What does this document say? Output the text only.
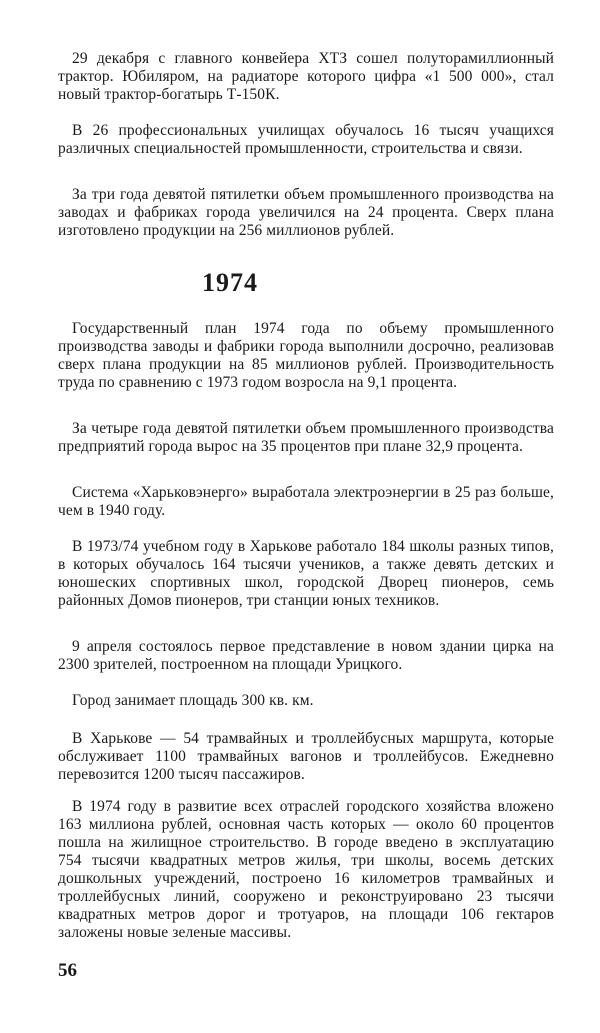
29 декабря с главного конвейера ХТЗ сошел полуторамиллионный трактор. Юбиляром, на радиаторе которого цифра «1 500 000», стал новый трактор-богатырь Т-150К.

В 26 профессиональных училищах обучалось 16 тысяч учащихся различных специальностей промышленности, строительства и связи.

За три года девятой пятилетки объем промышленного производства на заводах и фабриках города увеличился на 24 процента. Сверх плана изготовлено продукции на 256 миллионов рублей.

1974

Государственный план 1974 года по объему промышленного производства заводы и фабрики города выполнили досрочно, реализовав сверх плана продукции на 85 миллионов рублей. Производительность труда по сравнению с 1973 годом возросла на 9,1 процента.

За четыре года девятой пятилетки объем промышленного производства предприятий города вырос на 35 процентов при плане 32,9 процента.

Система «Харьковэнерго» выработала электроэнергии в 25 раз больше, чем в 1940 году.

В 1973/74 учебном году в Харькове работало 184 школы разных типов, в которых обучалось 164 тысячи учеников, а также девять детских и юношеских спортивных школ, городской Дворец пионеров, семь районных Домов пионеров, три станции юных техников.

9 апреля состоялось первое представление в новом здании цирка на 2300 зрителей, построенном на площади Урицкого.

Город занимает площадь 300 кв. км.

В Харькове — 54 трамвайных и троллейбусных маршрута, которые обслуживает 1100 трамвайных вагонов и троллейбусов. Ежедневно перевозится 1200 тысяч пассажиров.

В 1974 году в развитие всех отраслей городского хозяйства вложено 163 миллиона рублей, основная часть которых — около 60 процентов пошла на жилищное строительство. В городе введено в эксплуатацию 754 тысячи квадратных метров жилья, три школы, восемь детских дошкольных учреждений, построено 16 километров трамвайных и троллейбусных линий, сооружено и реконструировано 23 тысячи квадратных метров дорог и тротуаров, на площади 106 гектаров заложены новые зеленые массивы.

56
